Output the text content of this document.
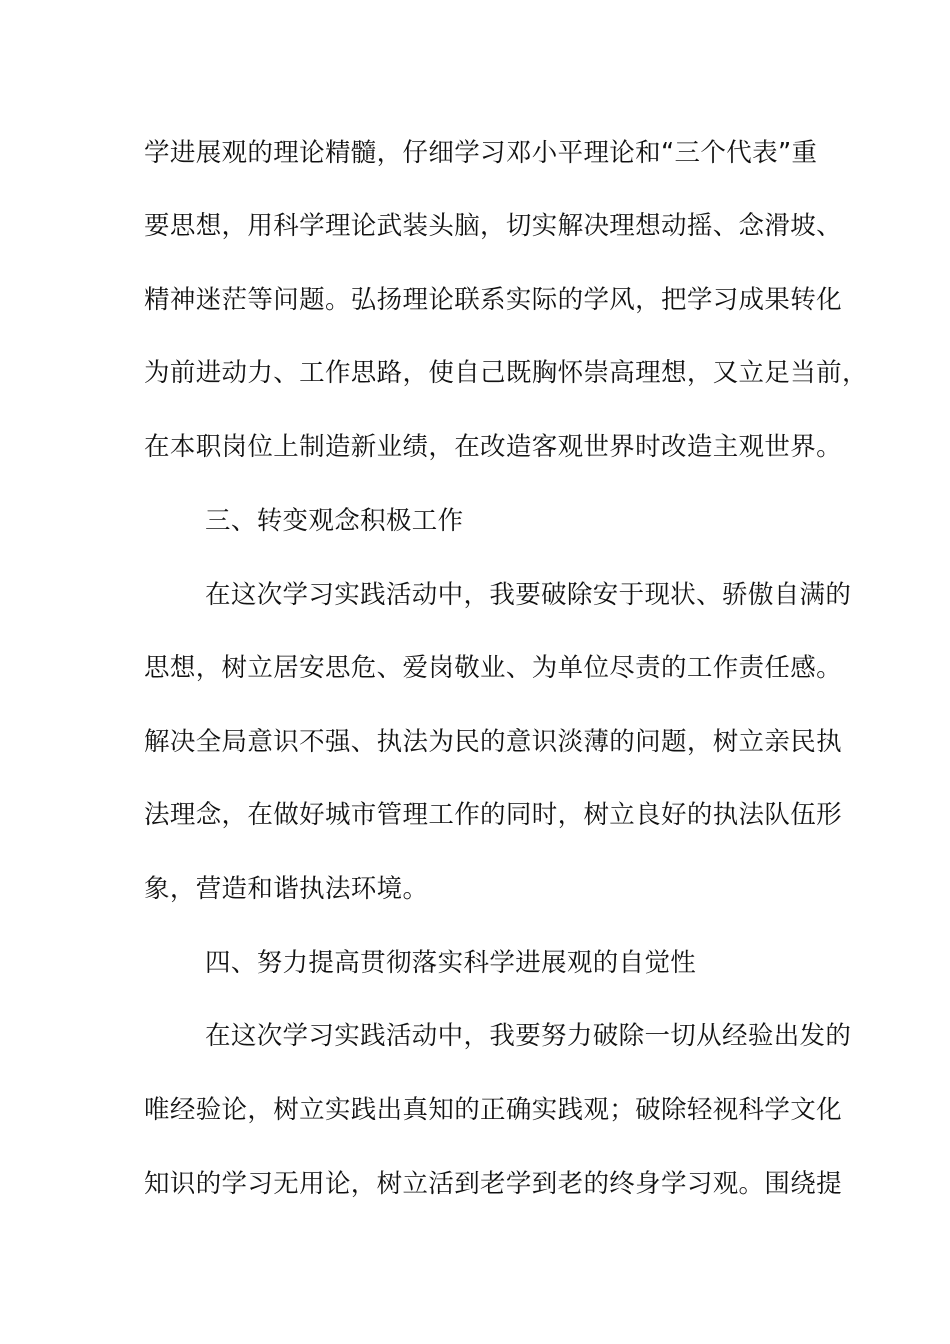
学进展观的理论精髓，仔细学习邓小平理论和“三个代表”重

要思想，用科学理论武装头脑，切实解决理想动摇、念滑坡、

精神迷茫等问题。弘扬理论联系实际的学风，把学习成果转化

为前进动力、工作思路，使自己既胸怀崇高理想，又立足当前，

在本职岗位上制造新业绩，在改造客观世界时改造主观世界。

三、转变观念积极工作

在这次学习实践活动中，我要破除安于现状、骄傲自满的

思想，树立居安思危、爱岗敬业、为单位尽责的工作责任感。

解决全局意识不强、执法为民的意识淡薄的问题，树立亲民执

法理念，在做好城市管理工作的同时，树立良好的执法队伍形

象，营造和谐执法环境。

四、努力提高贯彻落实科学进展观的自觉性

在这次学习实践活动中，我要努力破除一切从经验出发的

唯经验论，树立实践出真知的正确实践观；破除轻视科学文化

知识的学习无用论，树立活到老学到老的终身学习观。围绕提
